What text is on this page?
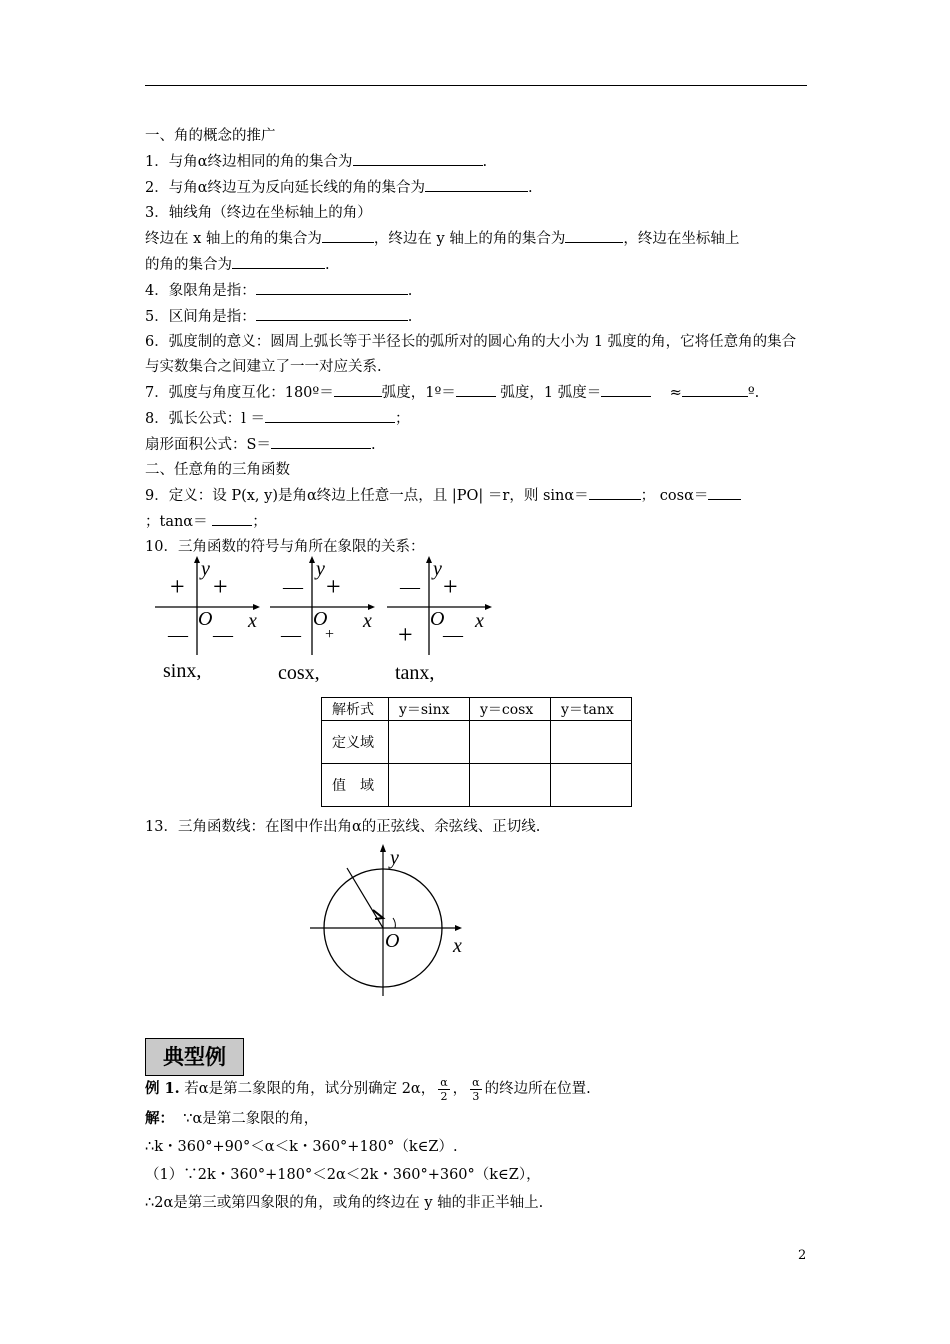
一、角的概念的推广
1．与角α终边相同的角的集合为	.
2．与角α终边互为反向延长线的角的集合为	.
3．轴线角（终边在坐标轴上的角）
终边在 x 轴上的角的集合为	，终边在 y 轴上的角的集合为	，终边在坐标轴上
的角的集合为	.
4．象限角是指：	.
5．区间角是指：	.
6．弧度制的意义：圆周上弧长等于半径长的弧所对的圆心角的大小为 1 弧度的角，它将任意角的集合与实数集合之间建立了一一对应关系.
7．弧度与角度互化：180º＝	弧度，1º＝	弧度，1 弧度＝	≈	º.
8．弧长公式：l ＝	；
扇形面积公式：S＝	.
二、任意角的三角函数
9．定义：设 P(x, y)是角α终边上任意一点，且 |PO| ＝r，则 sinα＝	； cosα＝
；tanα＝	；
10．三角函数的符号与角所在象限的关系：
y
x
O
+ +
— —
y
x
O
— +
— +
y
x
O
— +
+ —
sinx,	cosx,	tanx,
解析式	y＝sinx	y＝cosx	y＝tanx
定义域			
值　域			
13．三角函数线：在图中作出角α的正弦线、余弦线、正切线.
y
x
O
典型例
例 1. 若α是第二象限的角，试分别确定 2α， $\frac{\alpha}{2}$ ， $\frac{\alpha}{3}$ 的终边所在位置.
解： ∵α是第二象限的角，
∴k・360°+90°＜α＜k・360°+180°（k∈Z）.
（1）∵2k・360°+180°＜2α＜2k・360°+360°（k∈Z），
∴2α是第三或第四象限的角，或角的终边在 y 轴的非正半轴上.
2
